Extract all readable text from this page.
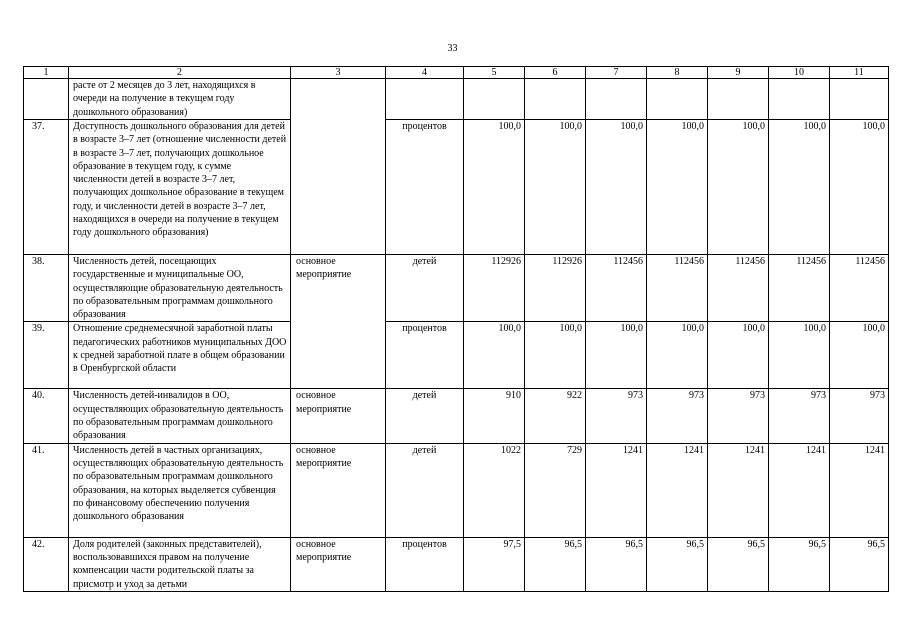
33
1	2	3	4	5	6	7	8	9	10	11
	расте от 2 месяцев до 3 лет, находящихся в очереди на получение в текущем году дошкольного образования)									
37.	Доступность дошкольного образования для детей в возрасте 3–7 лет (отношение численности детей в возрасте 3–7 лет, получающих дошкольное образование в текущем году, к сумме численности детей в возрасте 3–7 лет, получающих дошкольное образование в текущем году, и численности детей в возрасте 3–7 лет, находящихся в очереди на получение в текущем году дошкольного образования)		процентов	100,0	100,0	100,0	100,0	100,0	100,0	100,0
38.	Численность детей, посещающих государственные и муниципальные ОО, осуществляющие образовательную деятельность по образовательным программам дошкольного образования	основное мероприятие	детей	112926	112926	112456	112456	112456	112456	112456
39.	Отношение среднемесячной заработной платы педагогических работников муниципальных ДОО к средней заработной плате в общем образовании в Оренбургской области		процентов	100,0	100,0	100,0	100,0	100,0	100,0	100,0
40.	Численность детей-инвалидов в ОО, осуществляющих образовательную деятельность по образовательным программам дошкольного образования	основное мероприятие	детей	910	922	973	973	973	973	973
41.	Численность детей в частных организациях, осуществляющих образовательную деятельность по образовательным программам дошкольного образования, на которых выделяется субвенция по финансовому обеспечению получения дошкольного образования	основное мероприятие	детей	1022	729	1241	1241	1241	1241	1241
42.	Доля родителей (законных представителей), воспользовавшихся правом на получение компенсации части родительской платы за присмотр и уход за детьми	основное мероприятие	процентов	97,5	96,5	96,5	96,5	96,5	96,5	96,5
